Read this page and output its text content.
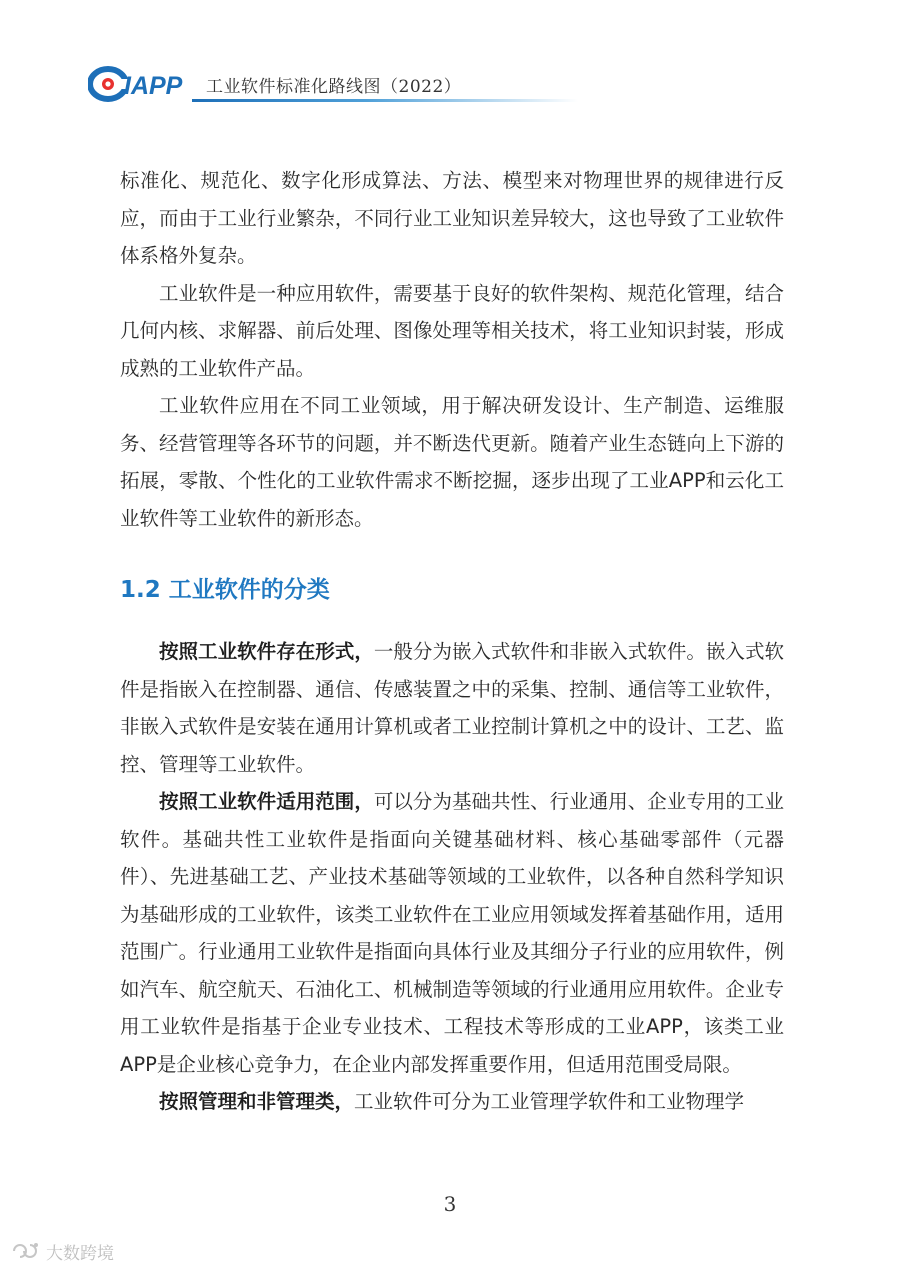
IAPP 工业软件标准化路线图（2022）

标准化、规范化、数字化形成算法、方法、模型来对物理世界的规律进行反应，而由于工业行业繁杂，不同行业工业知识差异较大，这也导致了工业软件体系格外复杂。

工业软件是一种应用软件，需要基于良好的软件架构、规范化管理，结合几何内核、求解器、前后处理、图像处理等相关技术，将工业知识封装，形成成熟的工业软件产品。

工业软件应用在不同工业领域，用于解决研发设计、生产制造、运维服务、经营管理等各环节的问题，并不断迭代更新。随着产业生态链向上下游的拓展，零散、个性化的工业软件需求不断挖掘，逐步出现了工业APP和云化工业软件等工业软件的新形态。

1.2 工业软件的分类

按照工业软件存在形式，一般分为嵌入式软件和非嵌入式软件。嵌入式软件是指嵌入在控制器、通信、传感装置之中的采集、控制、通信等工业软件，非嵌入式软件是安装在通用计算机或者工业控制计算机之中的设计、工艺、监控、管理等工业软件。

按照工业软件适用范围，可以分为基础共性、行业通用、企业专用的工业软件。基础共性工业软件是指面向关键基础材料、核心基础零部件（元器件）、先进基础工艺、产业技术基础等领域的工业软件，以各种自然科学知识为基础形成的工业软件，该类工业软件在工业应用领域发挥着基础作用，适用范围广。行业通用工业软件是指面向具体行业及其细分子行业的应用软件，例如汽车、航空航天、石油化工、机械制造等领域的行业通用应用软件。企业专用工业软件是指基于企业专业技术、工程技术等形成的工业APP，该类工业APP是企业核心竞争力，在企业内部发挥重要作用，但适用范围受局限。

按照管理和非管理类，工业软件可分为工业管理学软件和工业物理学

3
大数跨境
